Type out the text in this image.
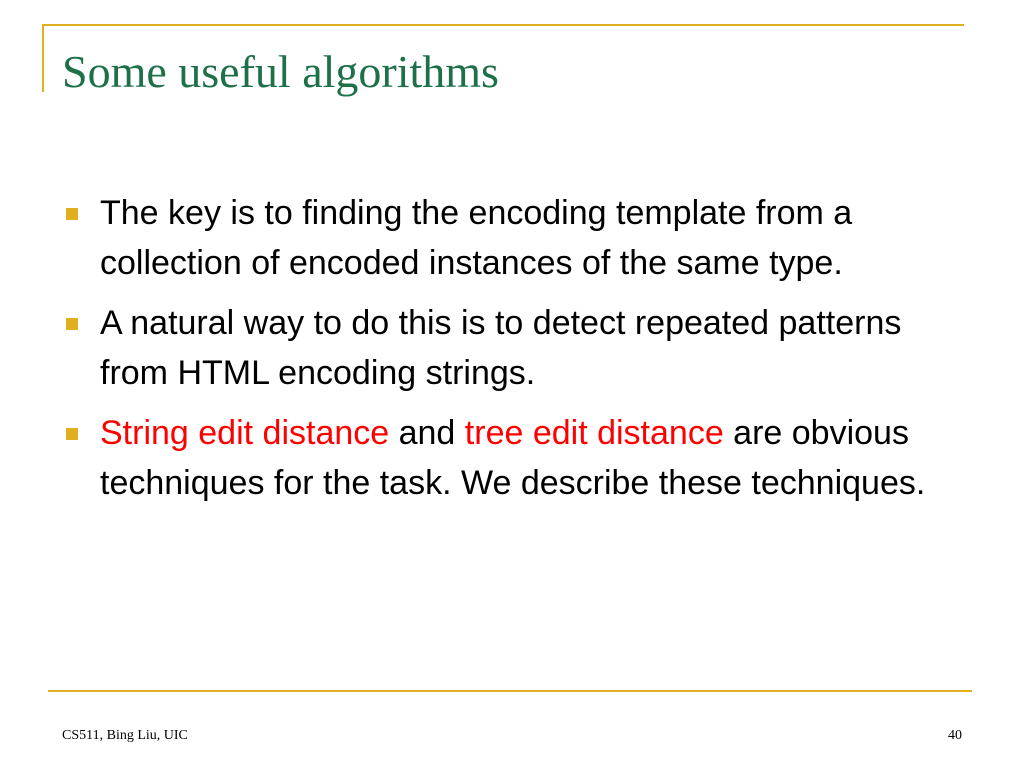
Some useful algorithms
The key is to finding the encoding template from a collection of encoded instances of the same type.
A natural way to do this is to detect repeated patterns from HTML encoding strings.
String edit distance and tree edit distance are obvious techniques for the task. We describe these techniques.
CS511, Bing Liu, UIC	40
